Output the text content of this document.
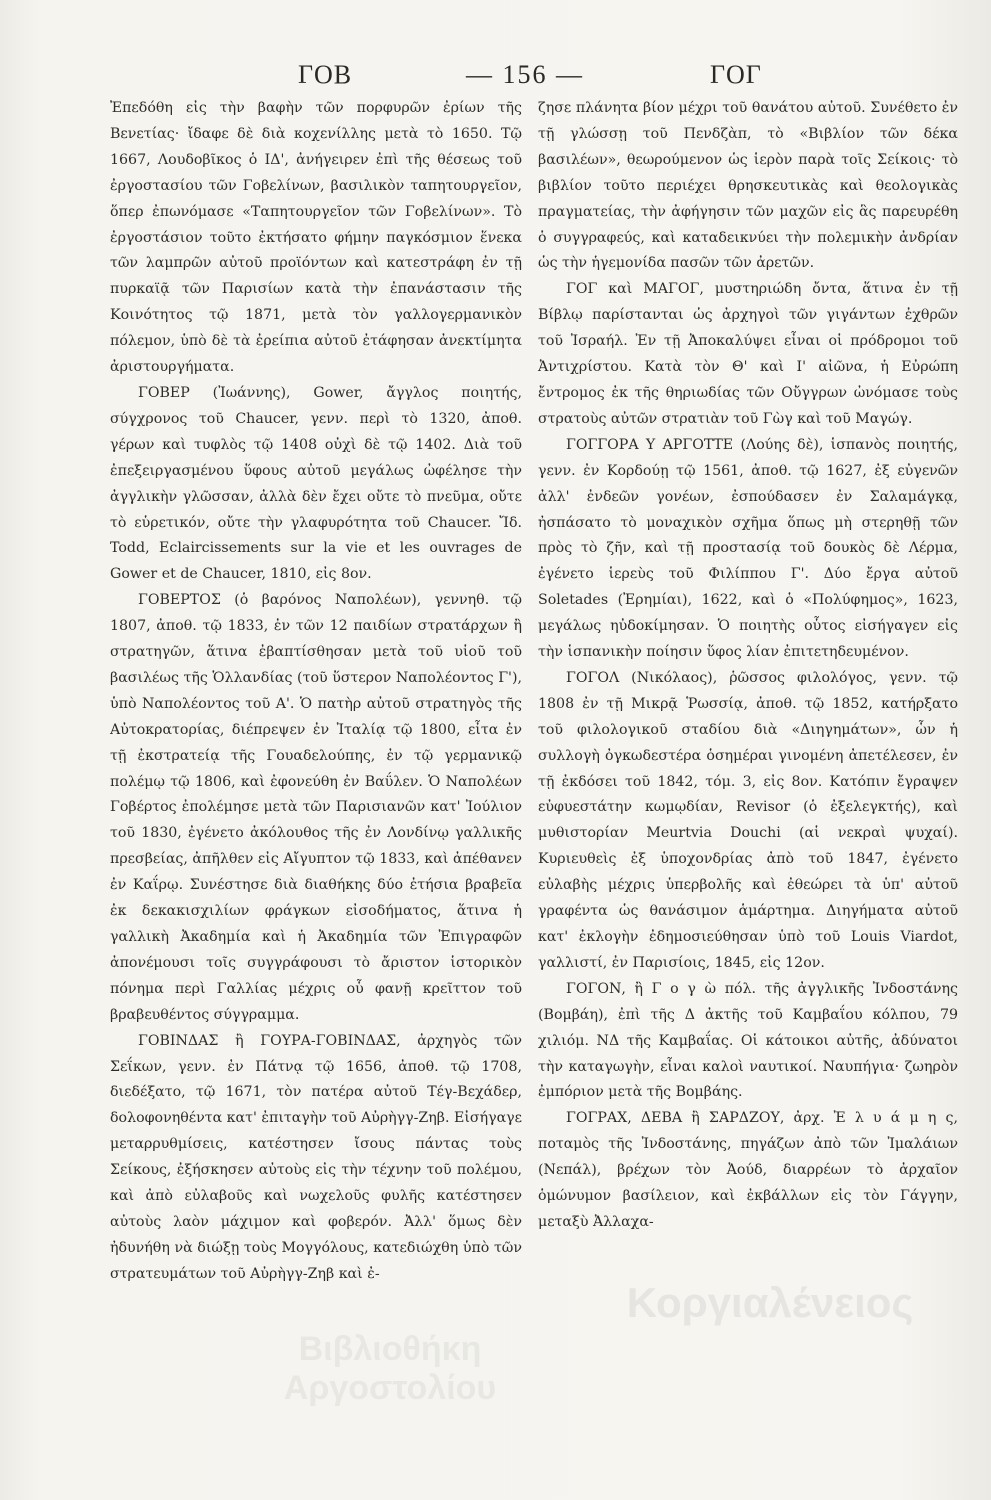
ΓΟΒ	— 156 —	ΓΟΓ

Ἐπεδόθη εἰς τὴν βαφὴν τῶν πορφυρῶν ἐρίων τῆς Βενετίας· ἴδαφε δὲ διὰ κοχενίλλης μετὰ τὸ 1650. Τῷ 1667, Λουδοβῖκος ὁ ΙΔ', ἀνήγειρεν ἐπὶ τῆς θέσεως τοῦ ἐργοστασίου τῶν Γοβελίνων, βασιλικὸν ταπητουργεῖον, ὅπερ ἐπωνόμασε «Ταπητουργεῖον τῶν Γοβελίνων». Τὸ ἐργοστάσιον τοῦτο ἐκτήσατο φήμην παγκόσμιον ἕνεκα τῶν λαμπρῶν αὐτοῦ προϊόντων καὶ κατεστράφη ἐν τῇ πυρκαϊᾷ τῶν Παρισίων κατὰ τὴν ἐπανάστασιν τῆς Κοινότητος τῷ 1871, μετὰ τὸν γαλλογερμανικὸν πόλεμον, ὑπὸ δὲ τὰ ἐρείπια αὐτοῦ ἐτάφησαν ἀνεκτίμητα ἀριστουργήματα.

ΓΟΒΕΡ (Ἰωάννης), Gower, ἄγγλος ποιητής, σύγχρονος τοῦ Chaucer, γενν. περὶ τὸ 1320, ἀποθ. γέρων καὶ τυφλὸς τῷ 1408 οὐχὶ δὲ τῷ 1402. Διὰ τοῦ ἐπεξειργασμένου ὕφους αὐτοῦ μεγάλως ὠφέλησε τὴν ἀγγλικὴν γλῶσσαν, ἀλλὰ δὲν ἔχει οὔτε τὸ πνεῦμα, οὔτε τὸ εὑρετικόν, οὔτε τὴν γλαφυρότητα τοῦ Chaucer. Ἴδ. Todd, Eclaircissements sur la vie et les ouvrages de Gower et de Chaucer, 1810, εἰς 8ον.

ΓΟΒΕΡΤΟΣ (ὁ βαρόνος Ναπολέων), γεννηθ. τῷ 1807, ἀποθ. τῷ 1833, ἐν τῶν 12 παιδίων στρατάρχων ἢ στρατηγῶν, ἅτινα ἐβαπτίσθησαν μετὰ τοῦ υἱοῦ τοῦ βασιλέως τῆς Ὁλλανδίας (τοῦ ὕστερον Ναπολέοντος Γ'), ὑπὸ Ναπολέοντος τοῦ Α'. Ὁ πατὴρ αὐτοῦ στρατηγὸς τῆς Αὐτοκρατορίας, διέπρεψεν ἐν Ἰταλίᾳ τῷ 1800, εἶτα ἐν τῇ ἐκστρατείᾳ τῆς Γουαδελούπης, ἐν τῷ γερμανικῷ πολέμῳ τῷ 1806, καὶ ἐφονεύθη ἐν Βαΰλεν. Ὁ Ναπολέων Γοβέρτος ἐπολέμησε μετὰ τῶν Παρισιανῶν κατ' Ἰούλιον τοῦ 1830, ἐγένετο ἀκόλουθος τῆς ἐν Λονδίνῳ γαλλικῆς πρεσβείας, ἀπῆλθεν εἰς Αἴγυπτον τῷ 1833, καὶ ἀπέθανεν ἐν Καΐρῳ. Συνέστησε διὰ διαθήκης δύο ἐτήσια βραβεῖα ἐκ δεκακισχιλίων φράγκων εἰσοδήματος, ἅτινα ἡ γαλλικὴ Ἀκαδημία καὶ ἡ Ἀκαδημία τῶν Ἐπιγραφῶν ἀπονέμουσι τοῖς συγγράφουσι τὸ ἄριστον ἱστορικὸν πόνημα περὶ Γαλλίας μέχρις οὗ φανῇ κρεῖττον τοῦ βραβευθέντος σύγγραμμα.

ΓΟΒΙΝΔΑΣ ἢ ΓΟΥΡΑ-ΓΟΒΙΝΔΑΣ, ἀρχηγὸς τῶν Σεΐκων, γενν. ἐν Πάτνᾳ τῷ 1656, ἀποθ. τῷ 1708, διεδέξατο, τῷ 1671, τὸν πατέρα αὐτοῦ Τέγ-Βεχάδερ, δολοφονηθέντα κατ' ἐπιταγὴν τοῦ Αὐρὴγγ-Ζηβ. Εἰσήγαγε μεταρρυθμίσεις, κατέστησεν ἴσους πάντας τοὺς Σείκους, ἐξήσκησεν αὐτοὺς εἰς τὴν τέχνην τοῦ πολέμου, καὶ ἀπὸ εὐλαβοῦς καὶ νωχελοῦς φυλῆς κατέστησεν αὐτοὺς λαὸν μάχιμον καὶ φοβερόν. Ἀλλ' ὅμως δὲν ἠδυνήθη νὰ διώξῃ τοὺς Μογγόλους, κατεδιώχθη ὑπὸ τῶν στρατευμάτων τοῦ Αὐρὴγγ-Ζηβ καὶ ἐ-

ζησε πλάνητα βίον μέχρι τοῦ θανάτου αὐτοῦ. Συνέθετο ἐν τῇ γλώσσῃ τοῦ Πενδζὰπ, τὸ «Βιβλίον τῶν δέκα βασιλέων», θεωρούμενον ὡς ἱερὸν παρὰ τοῖς Σείκοις· τὸ βιβλίον τοῦτο περιέχει θρησκευτικὰς καὶ θεολογικὰς πραγματείας, τὴν ἀφήγησιν τῶν μαχῶν εἰς ἃς παρευρέθη ὁ συγγραφεύς, καὶ καταδεικνύει τὴν πολεμικὴν ἀνδρίαν ὡς τὴν ἡγεμονίδα πασῶν τῶν ἀρετῶν.

ΓΟΓ καὶ ΜΑΓΟΓ, μυστηριώδη ὄντα, ἅτινα ἐν τῇ Βίβλῳ παρίστανται ὡς ἀρχηγοὶ τῶν γιγάντων ἐχθρῶν τοῦ Ἰσραήλ. Ἐν τῇ Ἀποκαλύψει εἶναι οἱ πρόδρομοι τοῦ Ἀντιχρίστου. Κατὰ τὸν Θ' καὶ Ι' αἰῶνα, ἡ Εὐρώπη ἔντρομος ἐκ τῆς θηριωδίας τῶν Οὔγγρων ὠνόμασε τοὺς στρατοὺς αὐτῶν στρατιὰν τοῦ Γὼγ καὶ τοῦ Μαγώγ.

ΓΟΓΓΟΡΑ Υ ΑΡΓΟΤΤΕ (Λούης δὲ), ἱσπανὸς ποιητής, γενν. ἐν Κορδούῃ τῷ 1561, ἀποθ. τῷ 1627, ἐξ εὐγενῶν ἀλλ' ἐνδεῶν γονέων, ἐσπούδασεν ἐν Σαλαμάγκᾳ, ἠσπάσατο τὸ μοναχικὸν σχῆμα ὅπως μὴ στερηθῇ τῶν πρὸς τὸ ζῆν, καὶ τῇ προστασίᾳ τοῦ δουκὸς δὲ Λέρμα, ἐγένετο ἱερεὺς τοῦ Φιλίππου Γ'. Δύο ἔργα αὐτοῦ Soletades (Ἐρημίαι), 1622, καὶ ὁ «Πολύφημος», 1623, μεγάλως ηὐδοκίμησαν. Ὁ ποιητὴς οὗτος εἰσήγαγεν εἰς τὴν ἱσπανικὴν ποίησιν ὕφος λίαν ἐπιτετηδευμένον.

ΓΟΓΟΛ (Νικόλαος), ῥῶσσος φιλολόγος, γενν. τῷ 1808 ἐν τῇ Μικρᾷ Ῥωσσίᾳ, ἀποθ. τῷ 1852, κατήρξατο τοῦ φιλολογικοῦ σταδίου διὰ «Διηγημάτων», ὧν ἡ συλλογὴ ὀγκωδεστέρα ὁσημέραι γινομένη ἀπετέλεσεν, ἐν τῇ ἐκδόσει τοῦ 1842, τόμ. 3, εἰς 8ον. Κατόπιν ἔγραψεν εὐφυεστάτην κωμῳδίαν, Revisor (ὁ ἐξελεγκτής), καὶ μυθιστορίαν Meurtvia Douchi (αἱ νεκραὶ ψυχαί). Κυριευθεὶς ἐξ ὑποχονδρίας ἀπὸ τοῦ 1847, ἐγένετο εὐλαβὴς μέχρις ὑπερβολῆς καὶ ἐθεώρει τὰ ὑπ' αὐτοῦ γραφέντα ὡς θανάσιμον ἁμάρτημα. Διηγήματα αὐτοῦ κατ' ἐκλογὴν ἐδημοσιεύθησαν ὑπὸ τοῦ Louis Viardot, γαλλιστί, ἐν Παρισίοις, 1845, εἰς 12ον.

ΓΟΓΟΝ, ἢ Γ ο γ ὼ πόλ. τῆς ἀγγλικῆς Ἰνδοστάνης (Βομβάη), ἐπὶ τῆς Δ ἀκτῆς τοῦ Καμβαΐου κόλπου, 79 χιλιόμ. ΝΔ τῆς Καμβαΐας. Οἱ κάτοικοι αὐτῆς, ἀδύνατοι τὴν καταγωγὴν, εἶναι καλοὶ ναυτικοί. Ναυπήγια· ζωηρὸν ἐμπόριον μετὰ τῆς Βομβάης.

ΓΟΓΡΑΧ, ΔΕΒΑ ἢ ΣΑΡΔΖΟΥ, ἀρχ. Ἐ λ υ ά μ η ς, ποταμὸς τῆς Ἰνδοστάνης, πηγάζων ἀπὸ τῶν Ἰμαλάιων (Νεπάλ), βρέχων τὸν Ἀούδ, διαρρέων τὸ ἀρχαῖον ὁμώνυμον βασίλειον, καὶ ἐκβάλλων εἰς τὸν Γάγγην, μεταξὺ Ἀλλαχα-

Κοργιαλένειος
Βιβλιοθήκη Αργοστολίου
